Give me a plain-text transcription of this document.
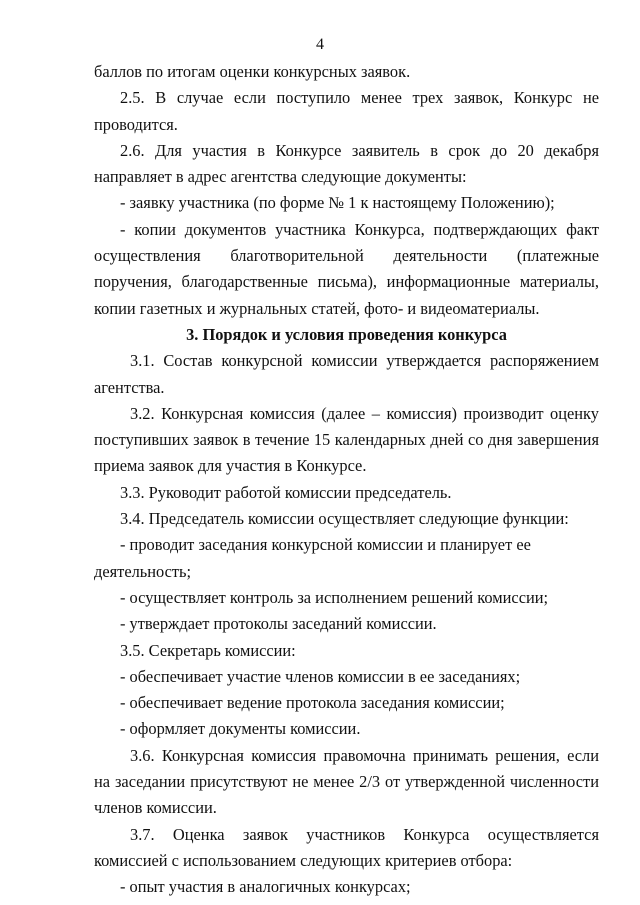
4

баллов по итогам оценки конкурсных заявок.

2.5. В случае если поступило менее трех заявок, Конкурс не проводится.

2.6. Для участия в Конкурсе заявитель в срок до 20 декабря направляет в адрес агентства следующие документы:

- заявку участника (по форме № 1 к настоящему Положению);

- копии документов участника Конкурса, подтверждающих факт осуществления благотворительной деятельности (платежные поручения, благодарственные письма), информационные материалы, копии газетных и журнальных статей, фото- и видеоматериалы.

3. Порядок и условия проведения конкурса

3.1. Состав конкурсной комиссии утверждается распоряжением агентства.

3.2. Конкурсная комиссия (далее – комиссия) производит оценку поступивших заявок в течение 15 календарных дней со дня завершения приема заявок для участия в Конкурсе.

3.3. Руководит работой комиссии председатель.

3.4. Председатель комиссии осуществляет следующие функции:

- проводит заседания конкурсной комиссии и планирует ее деятельность;

- осуществляет контроль за исполнением решений комиссии;

- утверждает протоколы заседаний комиссии.

3.5. Секретарь комиссии:

- обеспечивает участие членов комиссии в ее заседаниях;

- обеспечивает ведение протокола заседания комиссии;

- оформляет документы комиссии.

3.6. Конкурсная комиссия правомочна принимать решения, если на заседании присутствуют не менее 2/3 от утвержденной численности членов комиссии.

3.7. Оценка заявок участников Конкурса осуществляется комиссией с использованием следующих критериев отбора:

- опыт участия в аналогичных конкурсах;
